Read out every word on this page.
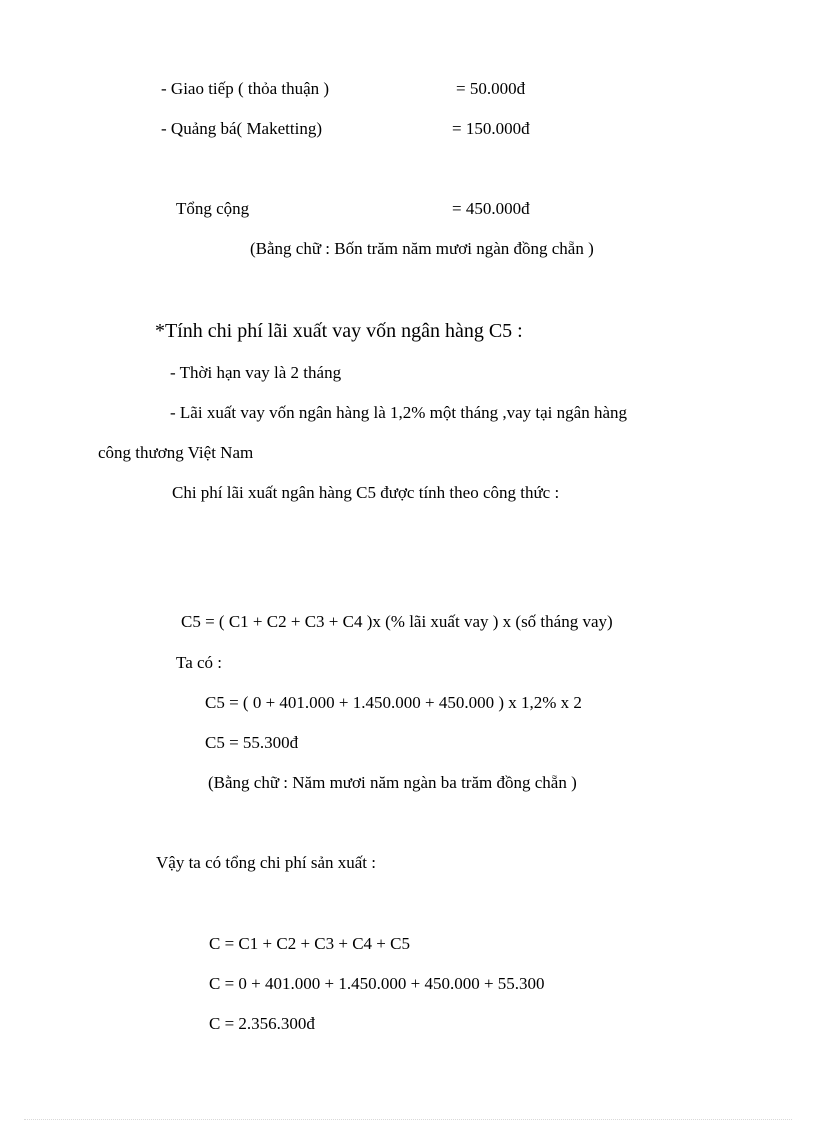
- Giao tiếp ( thỏa thuận )	= 50.000đ
- Quảng bá( Maketting)	= 150.000đ
Tổng cộng	= 450.000đ
(Bằng chữ : Bốn trăm năm mươi ngàn đồng chẵn )
*Tính chi phí lãi xuất vay vốn ngân hàng C5 :
- Thời hạn vay là 2 tháng
- Lãi xuất vay vốn ngân hàng là 1,2% một tháng ,vay tại ngân hàng
công thương Việt Nam
Chi phí lãi xuất ngân hàng C5 được tính theo công thức :
C5 = ( C1 + C2 + C3 + C4 )x (% lãi xuất vay ) x (số tháng vay)
Ta có :
C5 = ( 0 + 401.000 + 1.450.000 + 450.000 ) x 1,2% x 2
C5 = 55.300đ
(Bằng chữ : Năm mươi năm ngàn ba trăm đồng chẵn )
Vậy ta có tổng chi phí sản xuất :
C = C1 + C2 + C3 + C4 + C5
C = 0 + 401.000 + 1.450.000 + 450.000 + 55.300
C = 2.356.300đ
